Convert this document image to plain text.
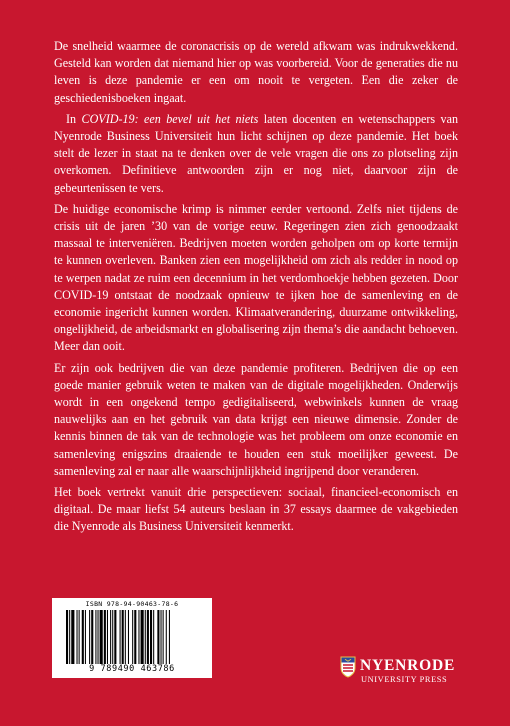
De snelheid waarmee de coronacrisis op de wereld afkwam was indrukwekkend. Gesteld kan worden dat niemand hier op was voorbereid. Voor de generaties die nu leven is deze pandemie er een om nooit te vergeten. Een die zeker de geschiedenisboeken ingaat.

In COVID-19: een bevel uit het niets laten docenten en wetenschappers van Nyenrode Business Universiteit hun licht schijnen op deze pandemie. Het boek stelt de lezer in staat na te denken over de vele vragen die ons zo plotseling zijn overkomen. Definitieve antwoorden zijn er nog niet, daarvoor zijn de gebeurtenissen te vers.

De huidige economische krimp is nimmer eerder vertoond. Zelfs niet tijdens de crisis uit de jaren ’30 van de vorige eeuw. Regeringen zien zich genoodzaakt massaal te interveniëren. Bedrijven moeten worden geholpen om op korte termijn te kunnen overleven. Banken zien een mogelijkheid om zich als redder in nood op te werpen nadat ze ruim een decennium in het verdomhoekje hebben gezeten. Door COVID-19 ontstaat de noodzaak opnieuw te ijken hoe de samenleving en de economie ingericht kunnen worden. Klimaatverandering, duurzame ontwikkeling, ongelijkheid, de arbeidsmarkt en globalisering zijn thema’s die aandacht behoeven. Meer dan ooit.

Er zijn ook bedrijven die van deze pandemie profiteren. Bedrijven die op een goede manier gebruik weten te maken van de digitale mogelijkheden. Onderwijs wordt in een ongekend tempo gedigitaliseerd, webwinkels kunnen de vraag nauwelijks aan en het gebruik van data krijgt een nieuwe dimensie. Zonder de kennis binnen de tak van de technologie was het probleem om onze economie en samenleving enigszins draaiende te houden een stuk moeilijker geweest. De samenleving zal er naar alle waarschijnlijkheid ingrijpend door veranderen.

Het boek vertrekt vanuit drie perspectieven: sociaal, financieel-economisch en digitaal. De maar liefst 54 auteurs beslaan in 37 essays daarmee de vakgebieden die Nyenrode als Business Universiteit kenmerkt.

ISBN 978-94-90463-78-6
9 789490 463786	NYENRODE
UNIVERSITY PRESS
